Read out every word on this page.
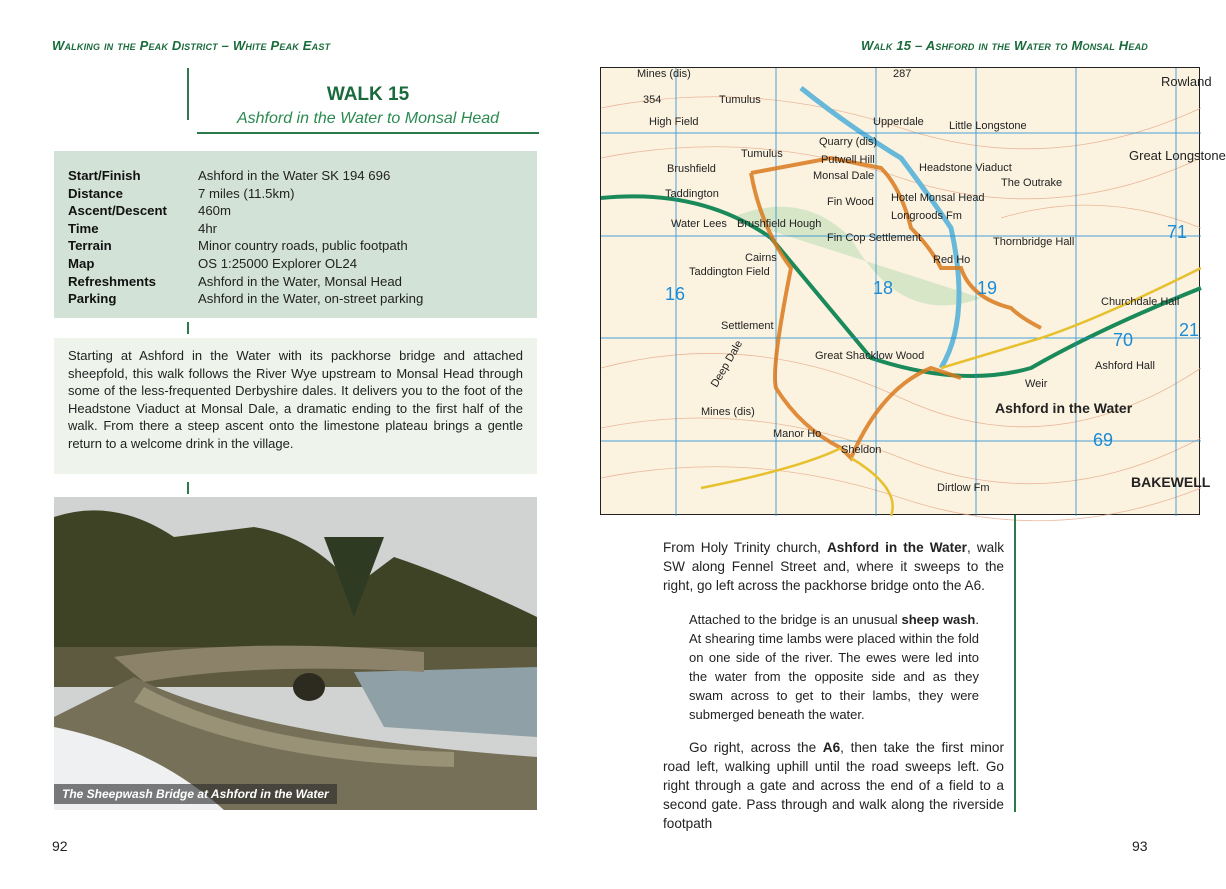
Walking in the Peak District – White Peak East	Walk 15 – Ashford in the Water to Monsal Head
WALK 15
Ashford in the Water to Monsal Head
Start/Finish	Ashford in the Water SK 194 696
Distance	7 miles (11.5km)
Ascent/Descent	460m
Time	4hr
Terrain	Minor country roads, public footpath
Map	OS 1:25000 Explorer OL24
Refreshments	Ashford in the Water, Monsal Head
Parking	Ashford in the Water, on-street parking
Starting at Ashford in the Water with its packhorse bridge and attached sheepfold, this walk follows the River Wye upstream to Monsal Head through some of the less-frequented Derbyshire dales. It delivers you to the foot of the Headstone Viaduct at Monsal Dale, a dramatic ending to the first half of the walk. From there a steep ascent onto the limestone plateau brings a gentle return to a welcome drink in the village.
The Sheepwash Bridge at Ashford in the Water
92	93
Mines (dis)
354	Tumulus
High Field
Brushfield
Tumulus
Taddington
Water Lees
Taddington Field
Monsal Dale
Putwell Hill
Quarry (dis)
Upperdale Little Longstone
Headstone Viaduct
The Outrake
Hotel Monsal Head
Longroods Fm
Fin Cop Settlement
Red Ho
Thornbridge Hall
Great Longstone
Ashford in the Water
Sheldon
Dirtlow Fm	BAKEWELL
Great Shacklow Wood
Manor Ho
Mines (dis)
Churchdale Hall
Ashford Hall
16	18	19
70
69
71
21
287	Rowland
Deep Dale
Settlement
Cairns
Weir
Fin Wood
Brushfield Hough
From Holy Trinity church, Ashford in the Water, walk SW along Fennel Street and, where it sweeps to the right, go left across the packhorse bridge onto the A6.
Attached to the bridge is an unusual sheep wash. At shearing time lambs were placed within the fold on one side of the river. The ewes were led into the water from the opposite side and as they swam across to get to their lambs, they were submerged beneath the water.
Go right, across the A6, then take the first minor road left, walking uphill until the road sweeps left. Go right through a gate and across the end of a field to a second gate. Pass through and walk along the riverside footpath
